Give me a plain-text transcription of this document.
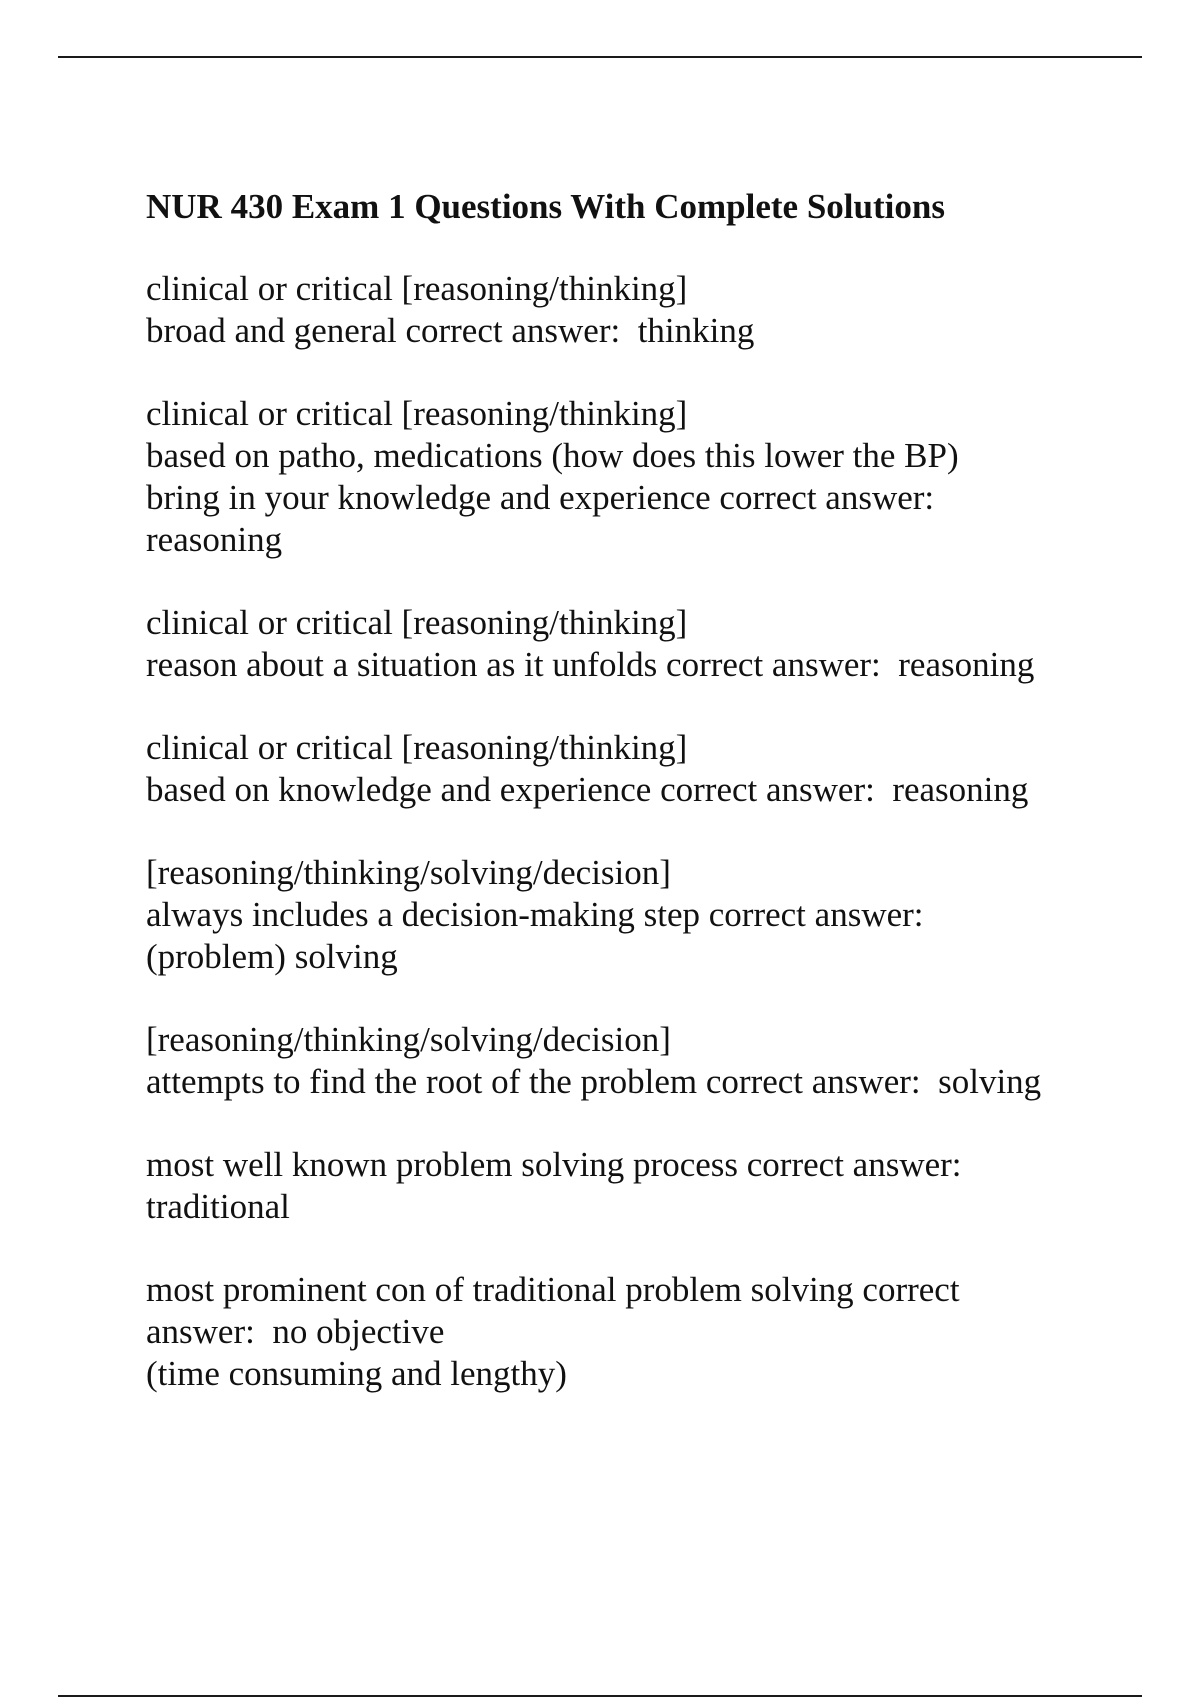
NUR 430 Exam 1 Questions With Complete Solutions
clinical or critical [reasoning/thinking]
broad and general correct answer:  thinking
clinical or critical [reasoning/thinking]
based on patho, medications (how does this lower the BP)
bring in your knowledge and experience correct answer:
reasoning
clinical or critical [reasoning/thinking]
reason about a situation as it unfolds correct answer:  reasoning
clinical or critical [reasoning/thinking]
based on knowledge and experience correct answer:  reasoning
[reasoning/thinking/solving/decision]
always includes a decision-making step correct answer:
(problem) solving
[reasoning/thinking/solving/decision]
attempts to find the root of the problem correct answer:  solving
most well known problem solving process correct answer:
traditional
most prominent con of traditional problem solving correct
answer:  no objective
(time consuming and lengthy)
